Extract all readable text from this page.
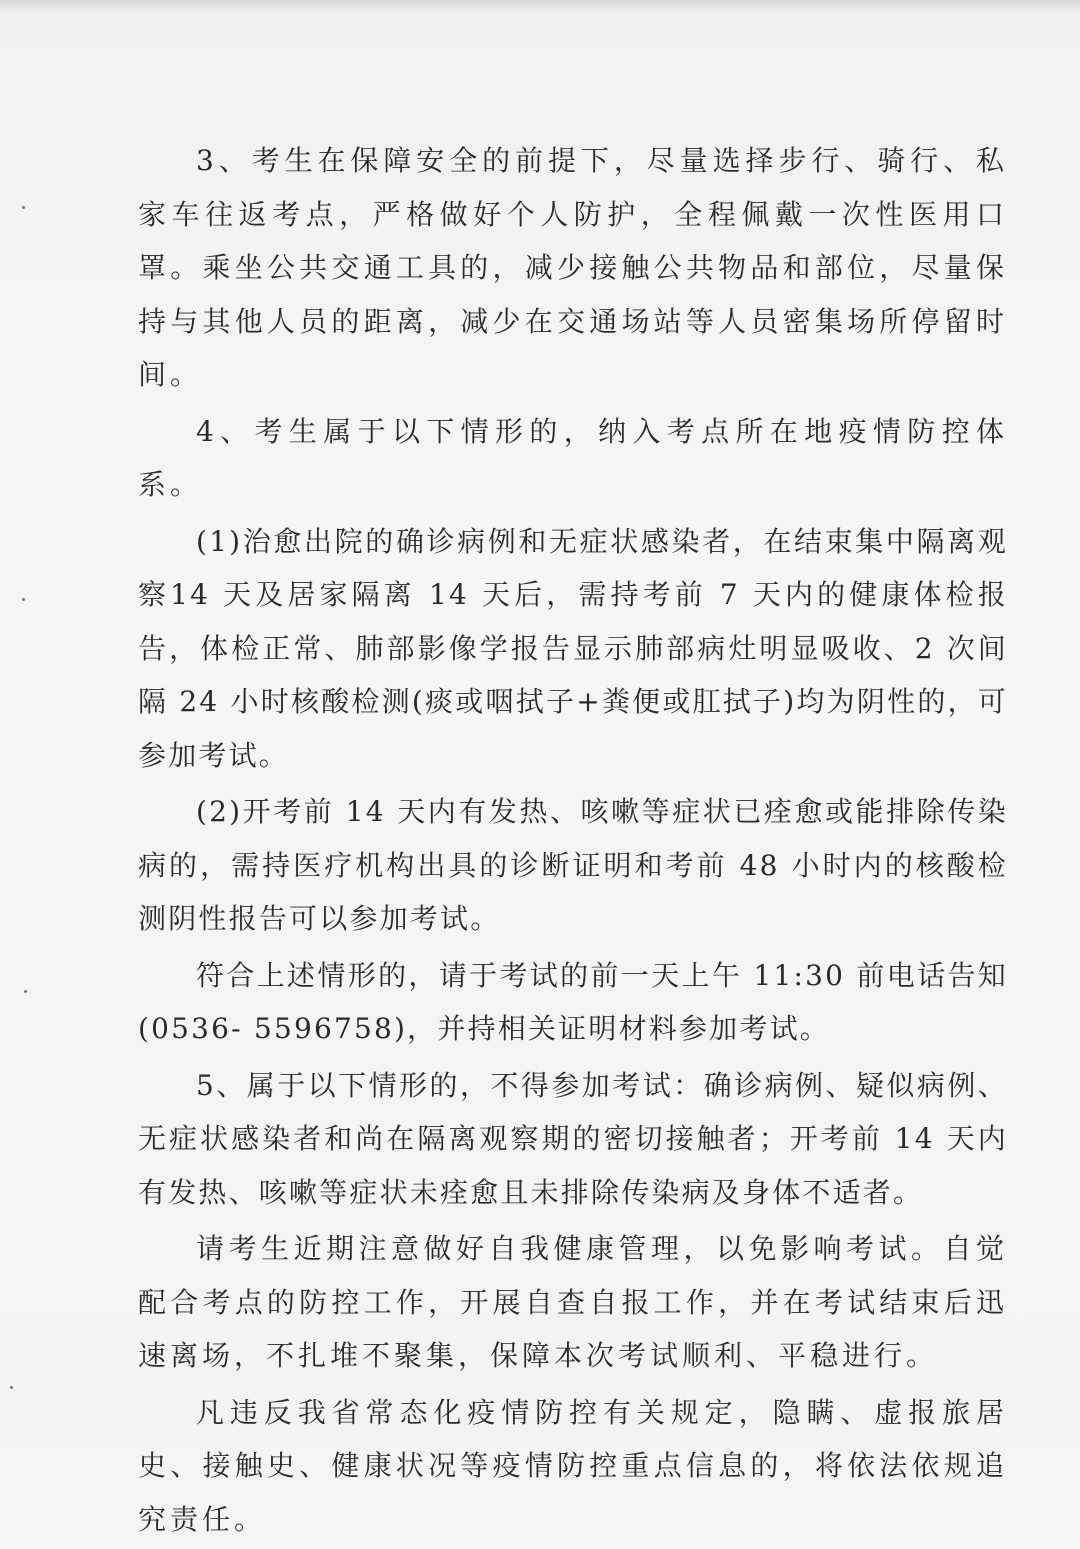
3、考生在保障安全的前提下，尽量选择步行、骑行、私家车往返考点，严格做好个人防护，全程佩戴一次性医用口罩。乘坐公共交通工具的，减少接触公共物品和部位，尽量保持与其他人员的距离，减少在交通场站等人员密集场所停留时间。

4、考生属于以下情形的，纳入考点所在地疫情防控体系。

(1)治愈出院的确诊病例和无症状感染者，在结束集中隔离观察14 天及居家隔离 14 天后，需持考前 7 天内的健康体检报告，体检正常、肺部影像学报告显示肺部病灶明显吸收、2 次间隔 24 小时核酸检测(痰或咽拭子+粪便或肛拭子)均为阴性的，可参加考试。

(2)开考前 14 天内有发热、咳嗽等症状已痊愈或能排除传染病的，需持医疗机构出具的诊断证明和考前 48 小时内的核酸检测阴性报告可以参加考试。

符合上述情形的，请于考试的前一天上午 11:30 前电话告知(0536- 5596758)，并持相关证明材料参加考试。

5、属于以下情形的，不得参加考试：确诊病例、疑似病例、无症状感染者和尚在隔离观察期的密切接触者；开考前 14 天内有发热、咳嗽等症状未痊愈且未排除传染病及身体不适者。

请考生近期注意做好自我健康管理，以免影响考试。自觉配合考点的防控工作，开展自查自报工作，并在考试结束后迅速离场，不扎堆不聚集，保障本次考试顺利、平稳进行。

凡违反我省常态化疫情防控有关规定，隐瞒、虚报旅居史、接触史、健康状况等疫情防控重点信息的，将依法依规追究责任。
